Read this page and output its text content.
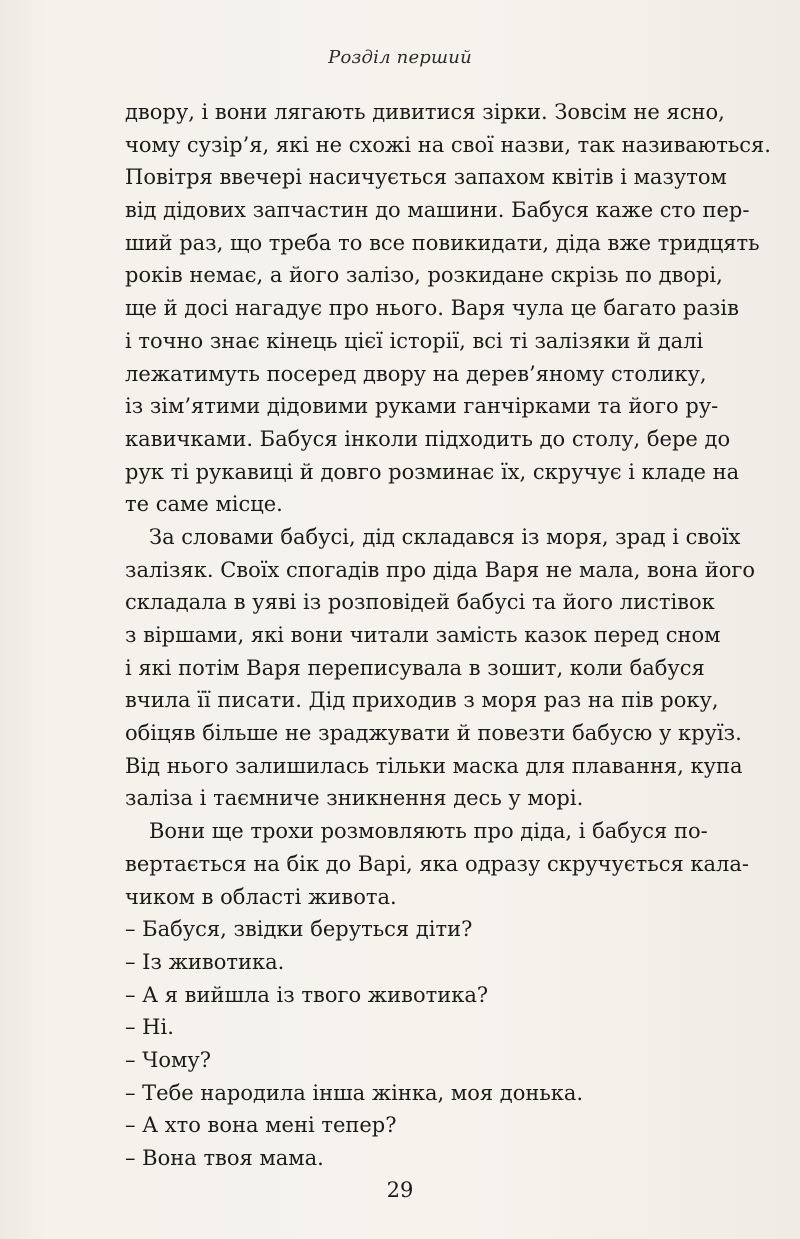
Розділ перший
двору, і вони лягають дивитися зірки. Зовсім не ясно,
чому сузір’я, які не схожі на свої назви, так називаються.
Повітря ввечері насичується запахом квітів і мазутом
від дідових запчастин до машини. Бабуся каже сто пер-
ший раз, що треба то все повикидати, діда вже тридцять
років немає, а його залізо, розкидане скрізь по дворі,
ще й досі нагадує про нього. Варя чула це багато разів
і точно знає кінець цієї історії, всі ті залізяки й далі
лежатимуть посеред двору на дерев’яному столику,
із зім’ятими дідовими руками ганчірками та його ру-
кавичками. Бабуся інколи підходить до столу, бере до
рук ті рукавиці й довго розминає їх, скручує і кладе на
те саме місце.
За словами бабусі, дід складався із моря, зрад і своїх
залізяк. Своїх спогадів про діда Варя не мала, вона його
складала в уяві із розповідей бабусі та його листівок
з віршами, які вони читали замість казок перед сном
і які потім Варя переписувала в зошит, коли бабуся
вчила її писати. Дід приходив з моря раз на пів року,
обіцяв більше не зраджувати й повезти бабусю у круїз.
Від нього залишилась тільки маска для плавання, купа
заліза і таємниче зникнення десь у морі.
Вони ще трохи розмовляють про діда, і бабуся по-
вертається на бік до Варі, яка одразу скручується кала-
чиком в області живота.
– Бабуся, звідки беруться діти?
– Із животика.
– А я вийшла із твого животика?
– Ні.
– Чому?
– Тебе народила інша жінка, моя донька.
– А хто вона мені тепер?
– Вона твоя мама.
29
